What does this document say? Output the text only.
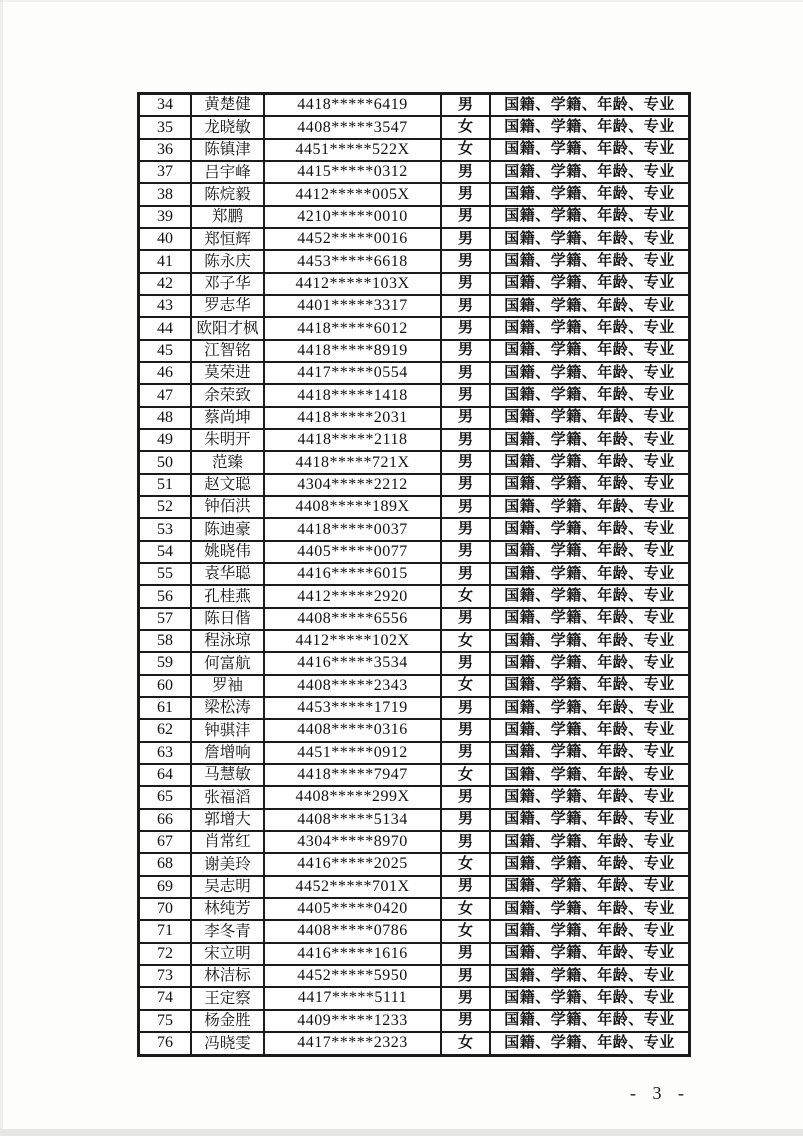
34	黄楚健	4418*****6419	男	国籍、学籍、年龄、专业
35	龙晓敏	4408*****3547	女	国籍、学籍、年龄、专业
36	陈镇津	4451*****522X	女	国籍、学籍、年龄、专业
37	吕宇峰	4415*****0312	男	国籍、学籍、年龄、专业
38	陈烷毅	4412*****005X	男	国籍、学籍、年龄、专业
39	郑鹏	4210*****0010	男	国籍、学籍、年龄、专业
40	郑恒辉	4452*****0016	男	国籍、学籍、年龄、专业
41	陈永庆	4453*****6618	男	国籍、学籍、年龄、专业
42	邓子华	4412*****103X	男	国籍、学籍、年龄、专业
43	罗志华	4401*****3317	男	国籍、学籍、年龄、专业
44	欧阳才枫	4418*****6012	男	国籍、学籍、年龄、专业
45	江智铭	4418*****8919	男	国籍、学籍、年龄、专业
46	莫荣进	4417*****0554	男	国籍、学籍、年龄、专业
47	余荣致	4418*****1418	男	国籍、学籍、年龄、专业
48	蔡尚坤	4418*****2031	男	国籍、学籍、年龄、专业
49	朱明开	4418*****2118	男	国籍、学籍、年龄、专业
50	范臻	4418*****721X	男	国籍、学籍、年龄、专业
51	赵文聪	4304*****2212	男	国籍、学籍、年龄、专业
52	钟佰洪	4408*****189X	男	国籍、学籍、年龄、专业
53	陈迪豪	4418*****0037	男	国籍、学籍、年龄、专业
54	姚晓伟	4405*****0077	男	国籍、学籍、年龄、专业
55	袁华聪	4416*****6015	男	国籍、学籍、年龄、专业
56	孔桂燕	4412*****2920	女	国籍、学籍、年龄、专业
57	陈日偕	4408*****6556	男	国籍、学籍、年龄、专业
58	程泳琼	4412*****102X	女	国籍、学籍、年龄、专业
59	何富航	4416*****3534	男	国籍、学籍、年龄、专业
60	罗袖	4408*****2343	女	国籍、学籍、年龄、专业
61	梁松涛	4453*****1719	男	国籍、学籍、年龄、专业
62	钟骐沣	4408*****0316	男	国籍、学籍、年龄、专业
63	詹增响	4451*****0912	男	国籍、学籍、年龄、专业
64	马慧敏	4418*****7947	女	国籍、学籍、年龄、专业
65	张福滔	4408*****299X	男	国籍、学籍、年龄、专业
66	郭增大	4408*****5134	男	国籍、学籍、年龄、专业
67	肖常红	4304*****8970	男	国籍、学籍、年龄、专业
68	谢美玲	4416*****2025	女	国籍、学籍、年龄、专业
69	吴志明	4452*****701X	男	国籍、学籍、年龄、专业
70	林纯芳	4405*****0420	女	国籍、学籍、年龄、专业
71	李冬青	4408*****0786	女	国籍、学籍、年龄、专业
72	宋立明	4416*****1616	男	国籍、学籍、年龄、专业
73	林洁标	4452*****5950	男	国籍、学籍、年龄、专业
74	王定察	4417*****5111	男	国籍、学籍、年龄、专业
75	杨金胜	4409*****1233	男	国籍、学籍、年龄、专业
76	冯晓雯	4417*****2323	女	国籍、学籍、年龄、专业
- 3 -
